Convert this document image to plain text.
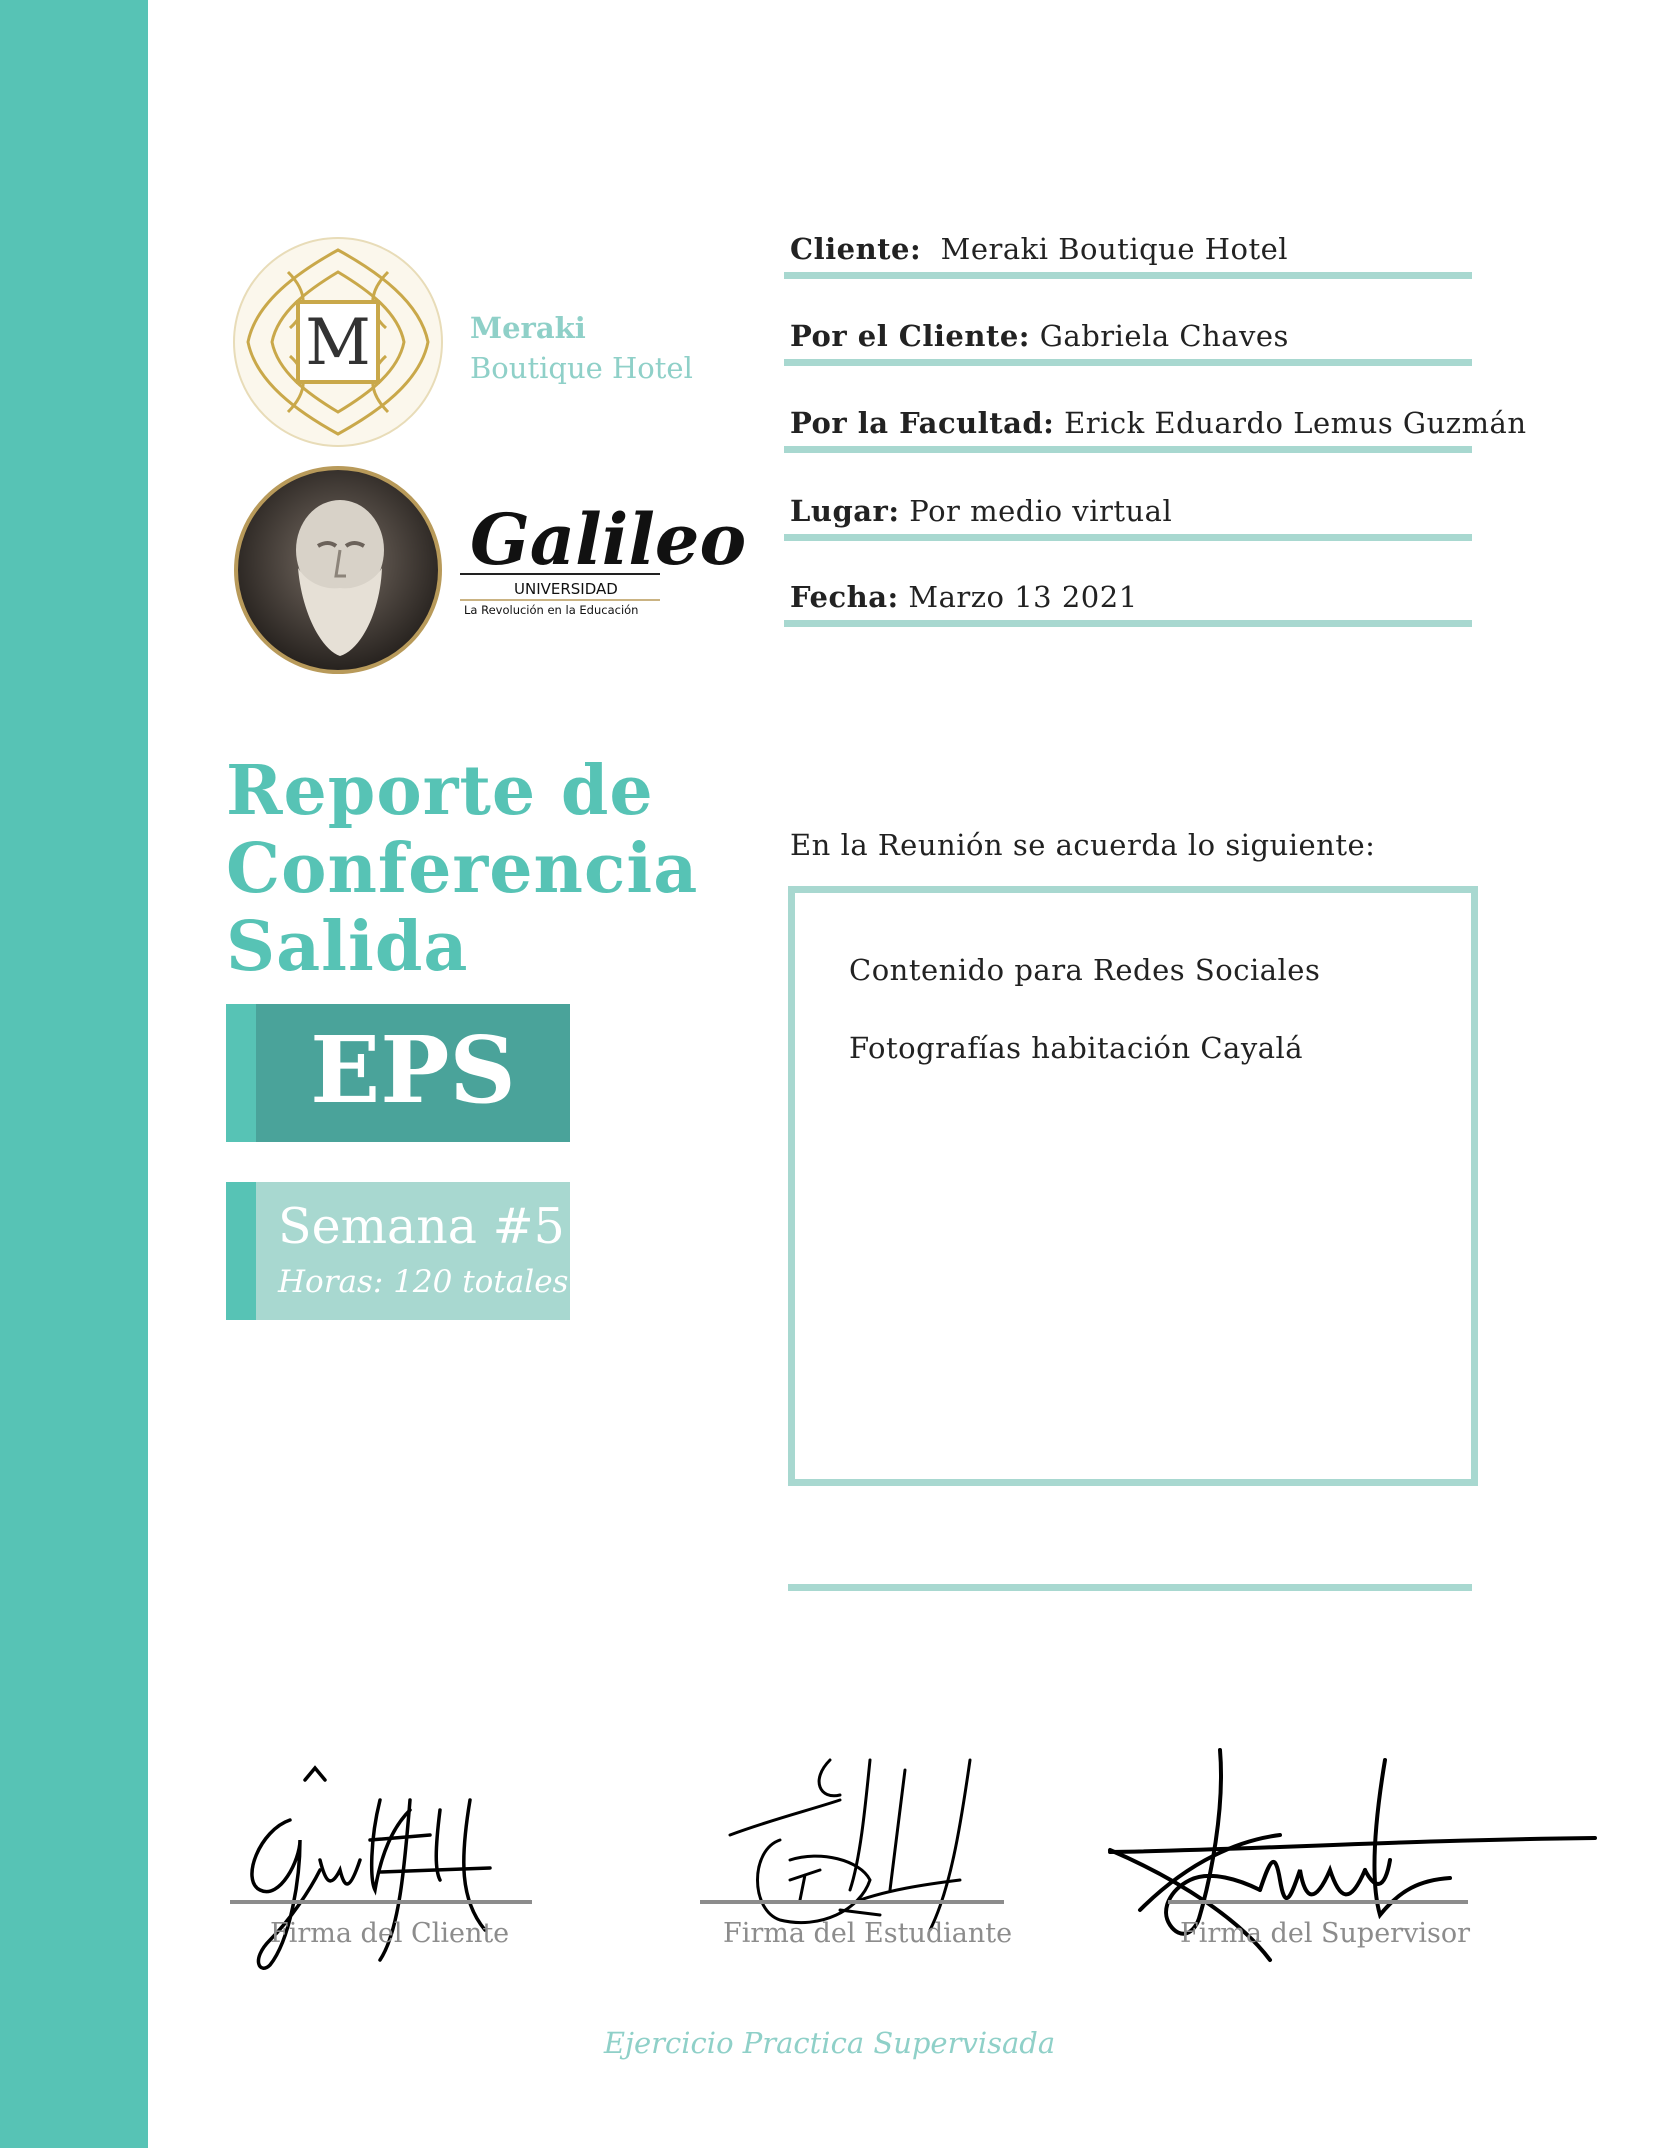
M	Meraki
Boutique Hotel
Galileo
UNIVERSIDAD
La Revolución en la Educación
Cliente: Meraki Boutique Hotel
Por el Cliente: Gabriela Chaves
Por la Facultad: Erick Eduardo Lemus Guzmán
Lugar: Por medio virtual
Fecha: Marzo 13 2021
Reporte de
Conferencia
Salida
EPS
Semana #5
Horas: 120 totales
En la Reunión se acuerda lo siguiente:
Contenido para Redes Sociales
Fotografías habitación Cayalá
Firma del Cliente	Firma del Estudiante	Firma del Supervisor
Ejercicio Practica Supervisada
